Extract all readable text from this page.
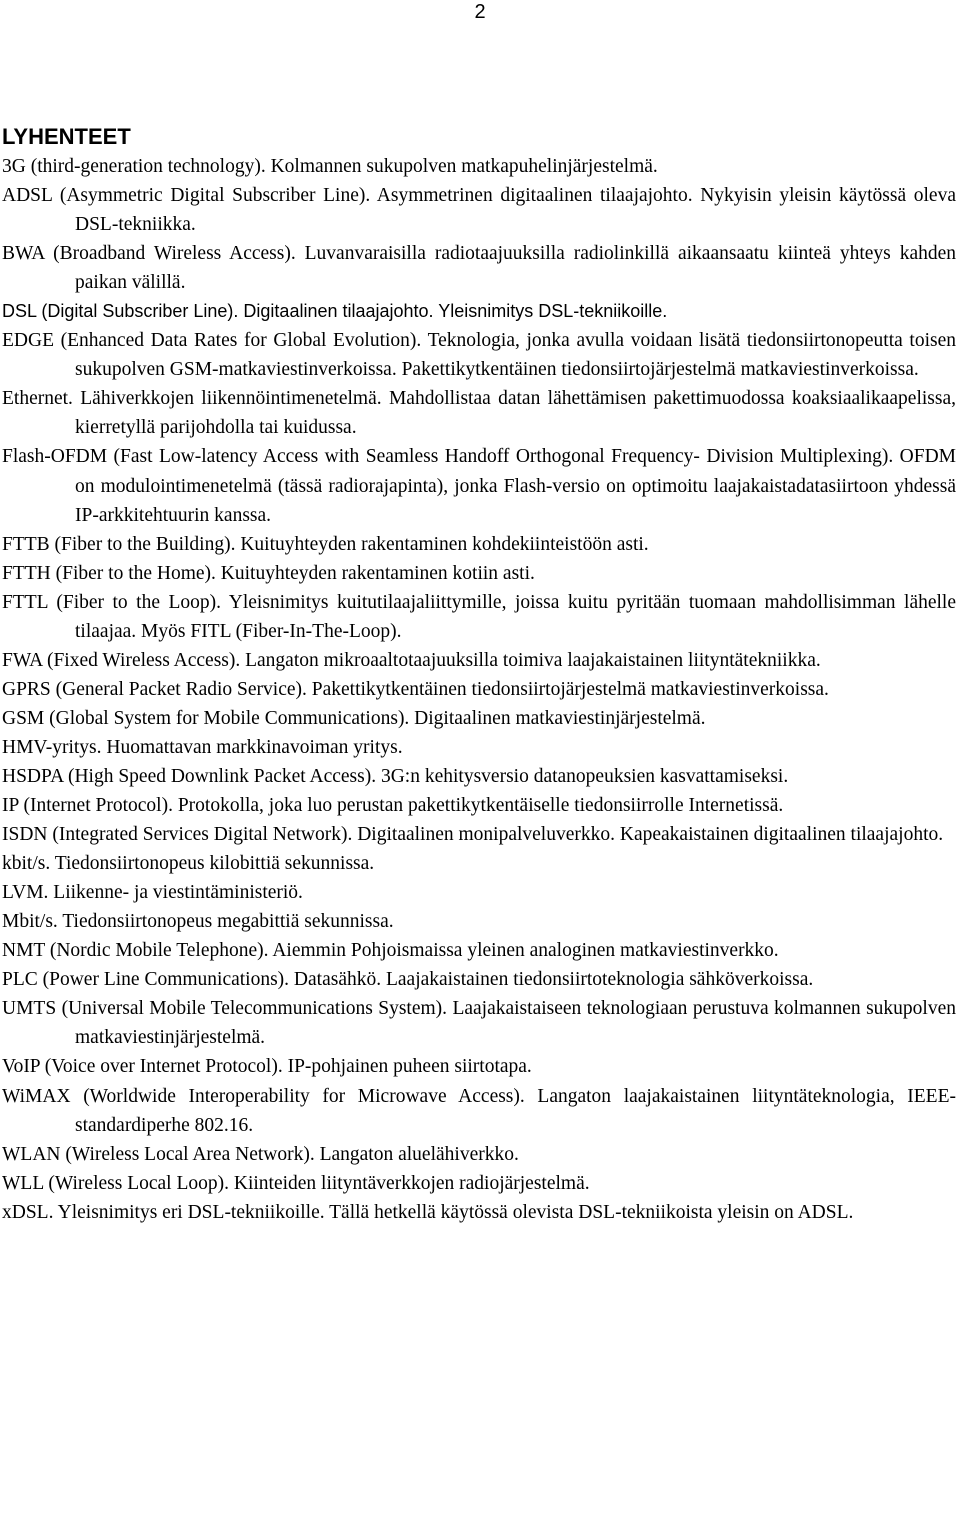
2
LYHENTEET
3G (third-generation technology). Kolmannen sukupolven matkapuhelinjärjestelmä.
ADSL (Asymmetric Digital Subscriber Line). Asymmetrinen digitaalinen tilaajajohto. Nykyisin yleisin käytössä oleva DSL-tekniikka.
BWA (Broadband Wireless Access). Luvanvaraisilla radiotaajuuksilla radiolinkillä aikaansaatu kiinteä yhteys kahden paikan välillä.
DSL (Digital Subscriber Line). Digitaalinen tilaajajohto. Yleisnimitys DSL-tekniikoille.
EDGE (Enhanced Data Rates for Global Evolution). Teknologia, jonka avulla voidaan lisätä tiedonsiirtonopeutta toisen sukupolven GSM-matkaviestinverkoissa. Pakettikytkentäinen tiedonsiirtojärjestelmä matkaviestinverkoissa.
Ethernet. Lähiverkkojen liikennöintimenetelmä. Mahdollistaa datan lähettämisen pakettimuodossa koaksiaalikaapelissa, kierretyllä parijohdolla tai kuidussa.
Flash-OFDM (Fast Low-latency Access with Seamless Handoff Orthogonal Frequency- Division Multiplexing). OFDM on modulointimenetelmä (tässä radiorajapinta), jonka Flash-versio on optimoitu laajakaistadatasiirtoon yhdessä IP-arkkitehtuurin kanssa.
FTTB (Fiber to the Building). Kuituyhteyden rakentaminen kohdekiinteistöön asti.
FTTH (Fiber to the Home). Kuituyhteyden rakentaminen kotiin asti.
FTTL (Fiber to the Loop). Yleisnimitys kuitutilaajaliittymille, joissa kuitu pyritään tuomaan mahdollisimman lähelle tilaajaa. Myös FITL (Fiber-In-The-Loop).
FWA (Fixed Wireless Access). Langaton mikroaaltotaajuuksilla toimiva laajakaistainen liityntätekniikka.
GPRS (General Packet Radio Service). Pakettikytkentäinen tiedonsiirtojärjestelmä matkaviestinverkoissa.
GSM (Global System for Mobile Communications). Digitaalinen matkaviestinjärjestelmä.
HMV-yritys. Huomattavan markkinavoiman yritys.
HSDPA (High Speed Downlink Packet Access). 3G:n kehitysversio datanopeuksien kasvattamiseksi.
IP (Internet Protocol). Protokolla, joka luo perustan pakettikytkentäiselle tiedonsiirrolle Internetissä.
ISDN (Integrated Services Digital Network). Digitaalinen monipalveluverkko. Kapeakaistainen digitaalinen tilaajajohto.
kbit/s. Tiedonsiirtonopeus kilobittiä sekunnissa.
LVM. Liikenne- ja viestintäministeriö.
Mbit/s. Tiedonsiirtonopeus megabittiä sekunnissa.
NMT (Nordic Mobile Telephone). Aiemmin Pohjoismaissa yleinen analoginen matkaviestinverkko.
PLC (Power Line Communications). Datasähkö. Laajakaistainen tiedonsiirtoteknologia sähköverkoissa.
UMTS (Universal Mobile Telecommunications System). Laajakaistaiseen teknologiaan perustuva kolmannen sukupolven matkaviestinjärjestelmä.
VoIP (Voice over Internet Protocol). IP-pohjainen puheen siirtotapa.
WiMAX (Worldwide Interoperability for Microwave Access). Langaton laajakaistainen liityntäteknologia, IEEE-standardiperhe 802.16.
WLAN (Wireless Local Area Network). Langaton aluelähiverkko.
WLL (Wireless Local Loop). Kiinteiden liityntäverkkojen radiojärjestelmä.
xDSL. Yleisnimitys eri DSL-tekniikoille. Tällä hetkellä käytössä olevista DSL-tekniikoista yleisin on ADSL.
